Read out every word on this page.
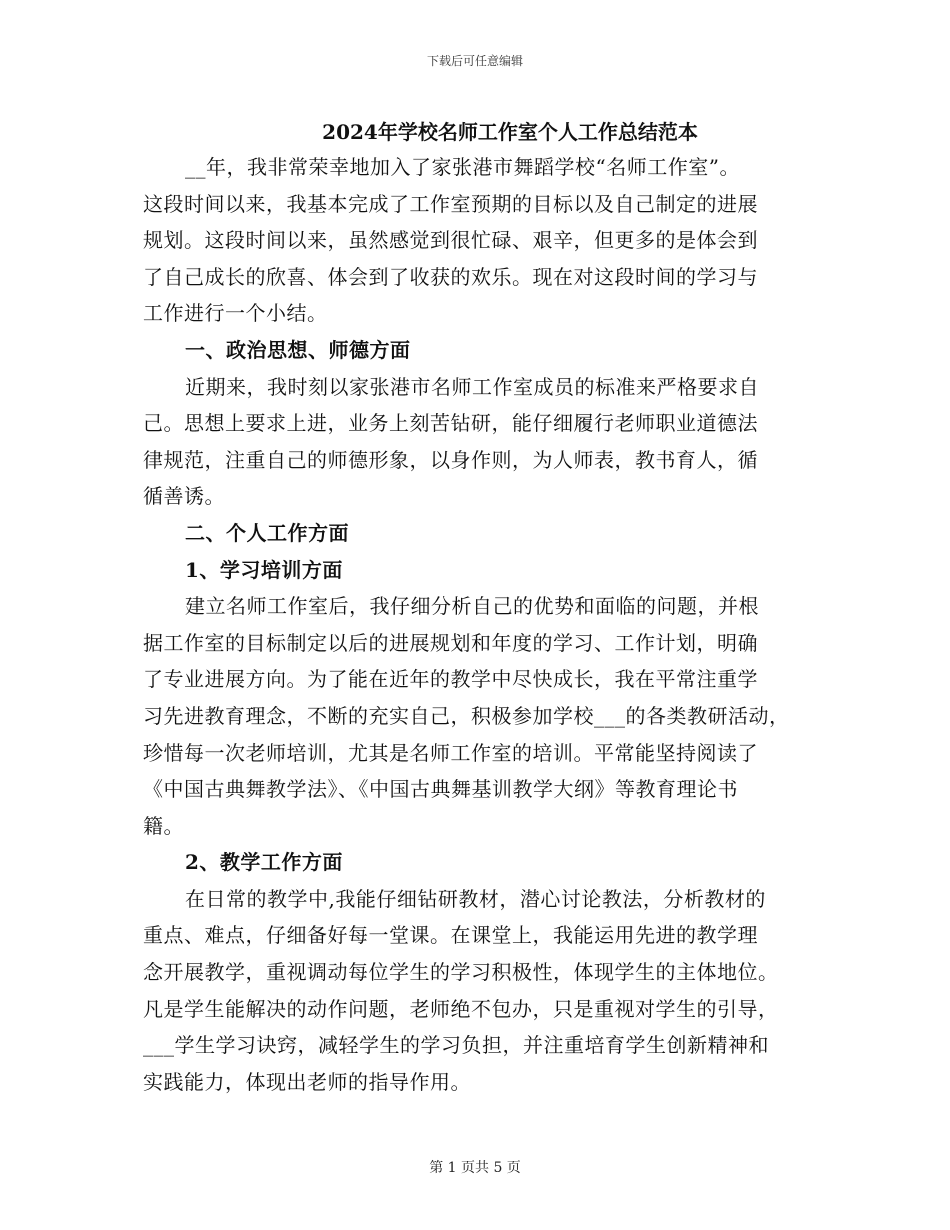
下载后可任意编辑
2024年学校名师工作室个人工作总结范本
__年，我非常荣幸地加入了家张港市舞蹈学校“名师工作室”。
这段时间以来，我基本完成了工作室预期的目标以及自己制定的进展
规划。这段时间以来，虽然感觉到很忙碌、艰辛，但更多的是体会到
了自己成长的欣喜、体会到了收获的欢乐。现在对这段时间的学习与
工作进行一个小结。
一、政治思想、师德方面
近期来，我时刻以家张港市名师工作室成员的标准来严格要求自
己。思想上要求上进，业务上刻苦钻研，能仔细履行老师职业道德法
律规范，注重自己的师德形象，以身作则，为人师表，教书育人，循
循善诱。
二、个人工作方面
1、学习培训方面
建立名师工作室后，我仔细分析自己的优势和面临的问题，并根
据工作室的目标制定以后的进展规划和年度的学习、工作计划，明确
了专业进展方向。为了能在近年的教学中尽快成长，我在平常注重学
习先进教育理念，不断的充实自己，积极参加学校___的各类教研活动，
珍惜每一次老师培训，尤其是名师工作室的培训。平常能坚持阅读了
《中国古典舞教学法》、《中国古典舞基训教学大纲》等教育理论书
籍。
2、教学工作方面
在日常的教学中,我能仔细钻研教材，潜心讨论教法，分析教材的
重点、难点，仔细备好每一堂课。在课堂上，我能运用先进的教学理
念开展教学，重视调动每位学生的学习积极性，体现学生的主体地位。
凡是学生能解决的动作问题，老师绝不包办，只是重视对学生的引导，
___学生学习诀窍，减轻学生的学习负担，并注重培育学生创新精神和
实践能力，体现出老师的指导作用。
第 1 页共 5 页
